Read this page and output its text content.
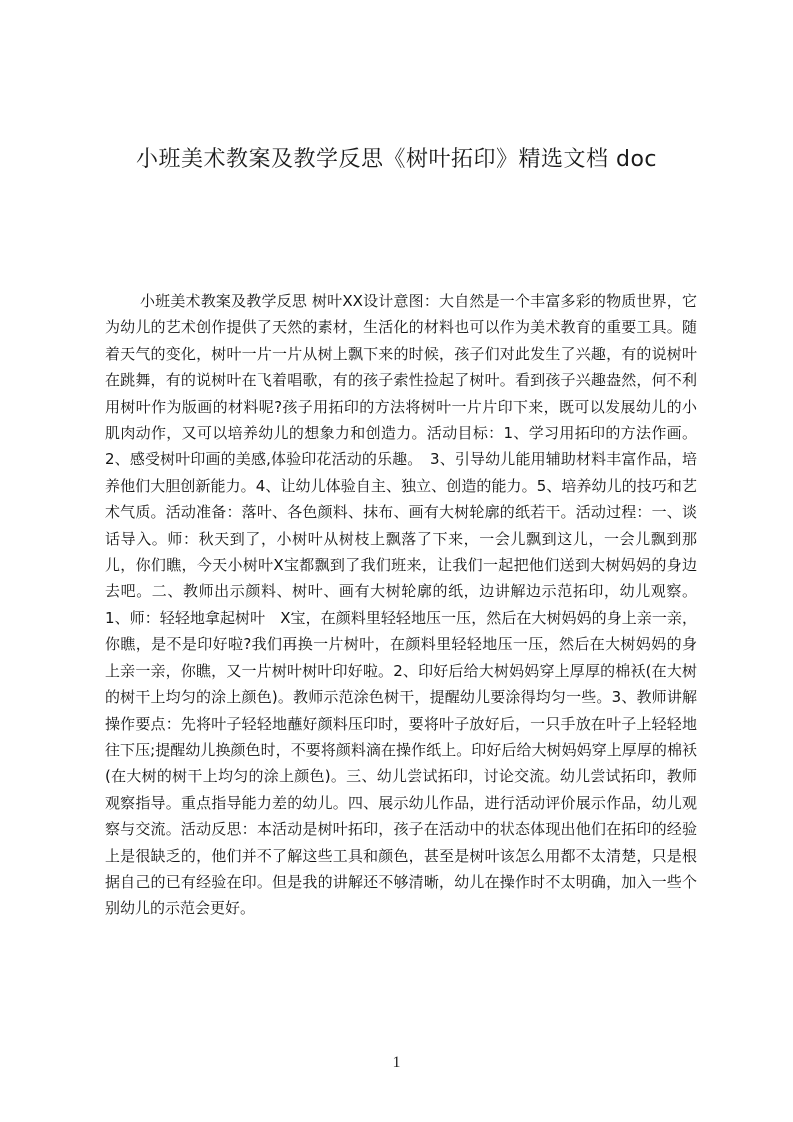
小班美术教案及教学反思《树叶拓印》精选文档 doc
小班美术教案及教学反思 树叶XX设计意图：大自然是一个丰富多彩的物质世界，它为幼儿的艺术创作提供了天然的素材，生活化的材料也可以作为美术教育的重要工具。随着天气的变化，树叶一片一片从树上飘下来的时候，孩子们对此发生了兴趣，有的说树叶在跳舞，有的说树叶在飞着唱歌，有的孩子索性捡起了树叶。看到孩子兴趣盎然，何不利用树叶作为版画的材料呢?孩子用拓印的方法将树叶一片片印下来，既可以发展幼儿的小肌肉动作，又可以培养幼儿的想象力和创造力。活动目标：1、学习用拓印的方法作画。2、感受树叶印画的美感,体验印花活动的乐趣。　3、引导幼儿能用辅助材料丰富作品，培养他们大胆创新能力。4、让幼儿体验自主、独立、创造的能力。5、培养幼儿的技巧和艺术气质。活动准备：落叶、各色颜料、抹布、画有大树轮廓的纸若干。活动过程：一、谈话导入。师：秋天到了，小树叶从树枝上飘落了下来，一会儿飘到这儿，一会儿飘到那儿，你们瞧，今天小树叶X宝都飘到了我们班来，让我们一起把他们送到大树妈妈的身边去吧。二、教师出示颜料、树叶、画有大树轮廓的纸，边讲解边示范拓印，幼儿观察。1、师：轻轻地拿起树叶　X宝，在颜料里轻轻地压一压，然后在大树妈妈的身上亲一亲，你瞧，是不是印好啦?我们再换一片树叶，在颜料里轻轻地压一压，然后在大树妈妈的身上亲一亲，你瞧，又一片树叶树叶印好啦。2、印好后给大树妈妈穿上厚厚的棉袄(在大树的树干上均匀的涂上颜色)。教师示范涂色树干，提醒幼儿要涂得均匀一些。3、教师讲解操作要点：先将叶子轻轻地蘸好颜料压印时，要将叶子放好后，一只手放在叶子上轻轻地往下压;提醒幼儿换颜色时，不要将颜料滴在操作纸上。印好后给大树妈妈穿上厚厚的棉袄(在大树的树干上均匀的涂上颜色)。三、幼儿尝试拓印，讨论交流。幼儿尝试拓印，教师观察指导。重点指导能力差的幼儿。四、展示幼儿作品，进行活动评价展示作品，幼儿观察与交流。活动反思：本活动是树叶拓印，孩子在活动中的状态体现出他们在拓印的经验上是很缺乏的，他们并不了解这些工具和颜色，甚至是树叶该怎么用都不太清楚，只是根据自己的已有经验在印。但是我的讲解还不够清晰，幼儿在操作时不太明确，加入一些个别幼儿的示范会更好。
1
